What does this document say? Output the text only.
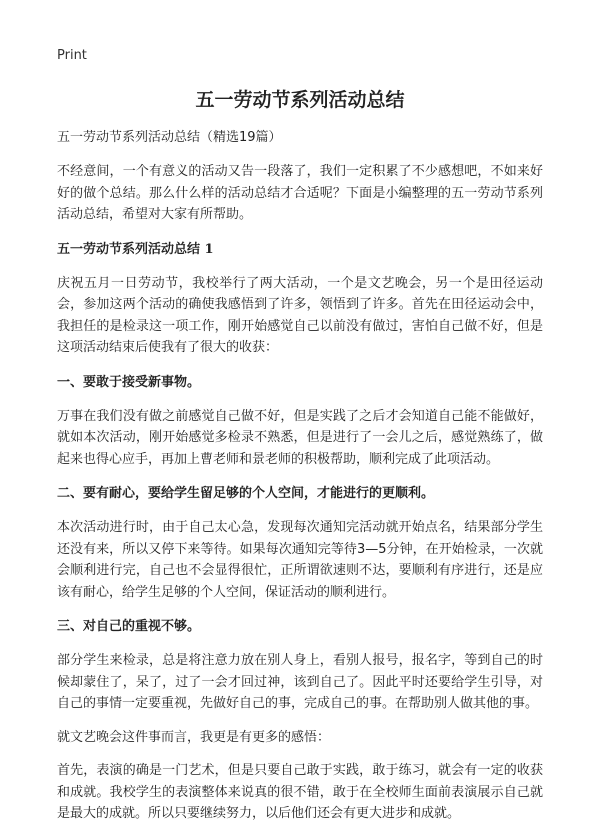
Print
五一劳动节系列活动总结
五一劳动节系列活动总结（精选19篇）

不经意间，一个有意义的活动又告一段落了，我们一定积累了不少感想吧，不如来好好的做个总结。那么什么样的活动总结才合适呢？下面是小编整理的五一劳动节系列活动总结，希望对大家有所帮助。

五一劳动节系列活动总结 1

庆祝五月一日劳动节，我校举行了两大活动，一个是文艺晚会，另一个是田径运动会，参加这两个活动的确使我感悟到了许多，领悟到了许多。首先在田径运动会中，我担任的是检录这一项工作，刚开始感觉自己以前没有做过，害怕自己做不好，但是这项活动结束后使我有了很大的收获：

一、要敢于接受新事物。

万事在我们没有做之前感觉自己做不好，但是实践了之后才会知道自己能不能做好，就如本次活动，刚开始感觉多检录不熟悉，但是进行了一会儿之后，感觉熟练了，做起来也得心应手，再加上曹老师和景老师的积极帮助，顺利完成了此项活动。

二、要有耐心，要给学生留足够的个人空间，才能进行的更顺利。

本次活动进行时，由于自己太心急，发现每次通知完活动就开始点名，结果部分学生还没有来，所以又停下来等待。如果每次通知完等待3—5分钟，在开始检录，一次就会顺利进行完，自己也不会显得很忙，正所谓欲速则不达，要顺利有序进行，还是应该有耐心，给学生足够的个人空间，保证活动的顺利进行。

三、对自己的重视不够。

部分学生来检录，总是将注意力放在别人身上，看别人报号，报名字，等到自己的时候却蒙住了，呆了，过了一会才回过神，该到自己了。因此平时还要给学生引导，对自己的事情一定要重视，先做好自己的事，完成自己的事。在帮助别人做其他的事。

就文艺晚会这件事而言，我更是有更多的感悟：

首先，表演的确是一门艺术，但是只要自己敢于实践，敢于练习，就会有一定的收获和成就。我校学生的表演整体来说真的很不错，敢于在全校师生面前表演展示自己就是最大的成就。所以只要继续努力，以后他们还会有更大进步和成就。
